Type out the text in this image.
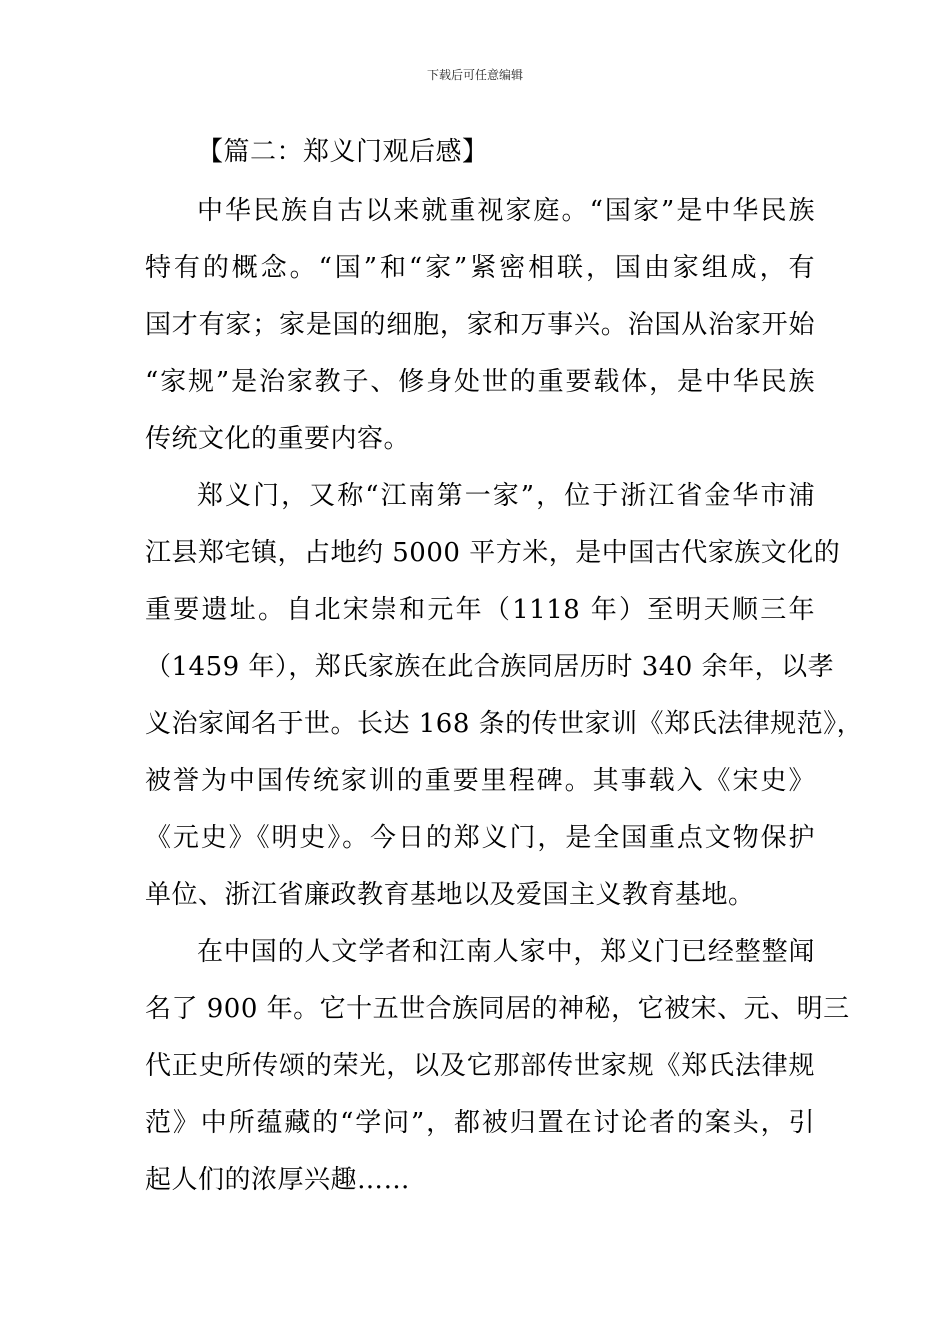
下载后可任意编辑
【篇二：郑义门观后感】
中华民族自古以来就重视家庭。“国家”是中华民族
特有的概念。“国”和“家”紧密相联，国由家组成，有
国才有家；家是国的细胞，家和万事兴。治国从治家开始
“家规”是治家教子、修身处世的重要载体，是中华民族
传统文化的重要内容。
郑义门，又称“江南第一家”，位于浙江省金华市浦
江县郑宅镇，占地约 5000 平方米，是中国古代家族文化的
重要遗址。自北宋崇和元年（1118 年）至明天顺三年
（1459 年），郑氏家族在此合族同居历时 340 余年，以孝
义治家闻名于世。长达 168 条的传世家训《郑氏法律规范》，
被誉为中国传统家训的重要里程碑。其事载入《宋史》
《元史》《明史》。今日的郑义门，是全国重点文物保护
单位、浙江省廉政教育基地以及爱国主义教育基地。
在中国的人文学者和江南人家中，郑义门已经整整闻
名了 900 年。它十五世合族同居的神秘，它被宋、元、明三
代正史所传颂的荣光，以及它那部传世家规《郑氏法律规
范》中所蕴藏的“学问”，都被归置在讨论者的案头，引
起人们的浓厚兴趣……
